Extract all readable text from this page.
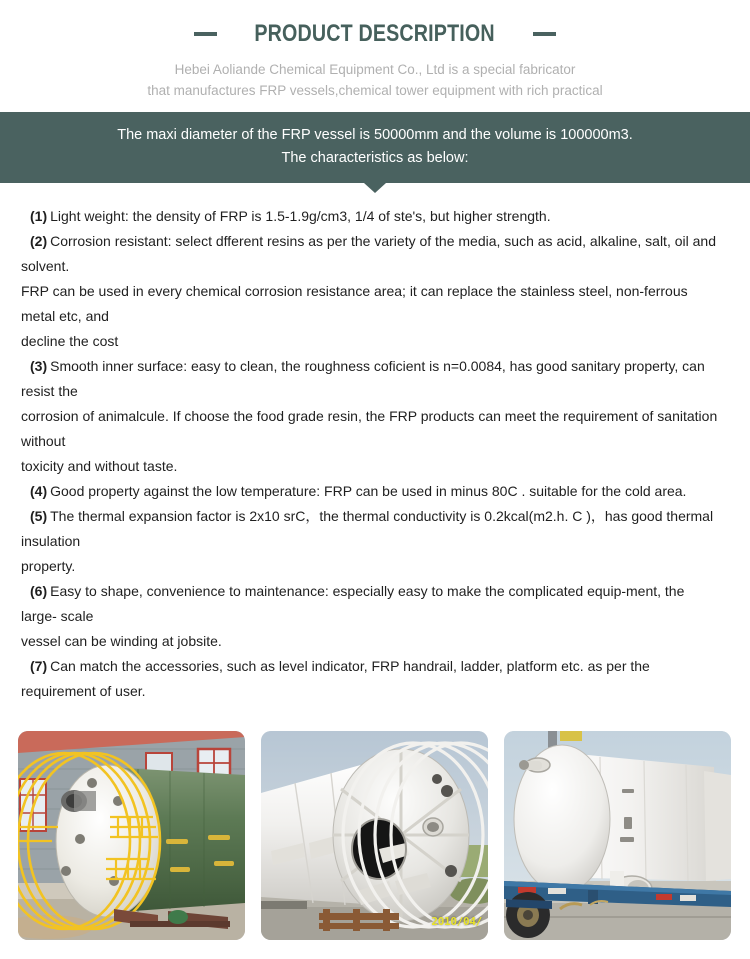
PRODUCT DESCRIPTION
Hebei Aoliande Chemical Equipment Co., Ltd is a special fabricator
that manufactures FRP vessels,chemical tower equipment with rich practical
The maxi diameter of the FRP vessel is 50000mm and the volume is 100000m3.
The characteristics as below:

(1) Light weight: the density of FRP is 1.5-1.9g/cm3, 1/4 of ste's, but higher strength.

(2) Corrosion resistant: select dfferent resins as per the variety of the media, such as acid, alkaline, salt, oil and solvent.

FRP can be used in every chemical corrosion resistance area; it can replace the stainless steel, non-ferrous metal etc, and

decline the cost

(3) Smooth inner surface: easy to clean, the roughness coficient is n=0.0084, has good sanitary property, can resist the

corrosion of animalcule. If choose the food grade resin, the FRP products can meet the requirement of sanitation without

toxicity and without taste.

(4) Good property against the low temperature: FRP can be used in minus 80C . suitable for the cold area.

(5) The thermal expansion factor is 2x10 srC，the thermal conductivity is 0.2kcal(m2.h. C )，has good thermal insulation

property.

(6) Easy to shape, convenience to maintenance: especially easy to make the complicated equip-ment, the large- scale

vessel can be winding at jobsite.

(7) Can match the accessories, such as level indicator, FRP handrail, ladder, platform etc. as per the requirement of user.

2010/04/
